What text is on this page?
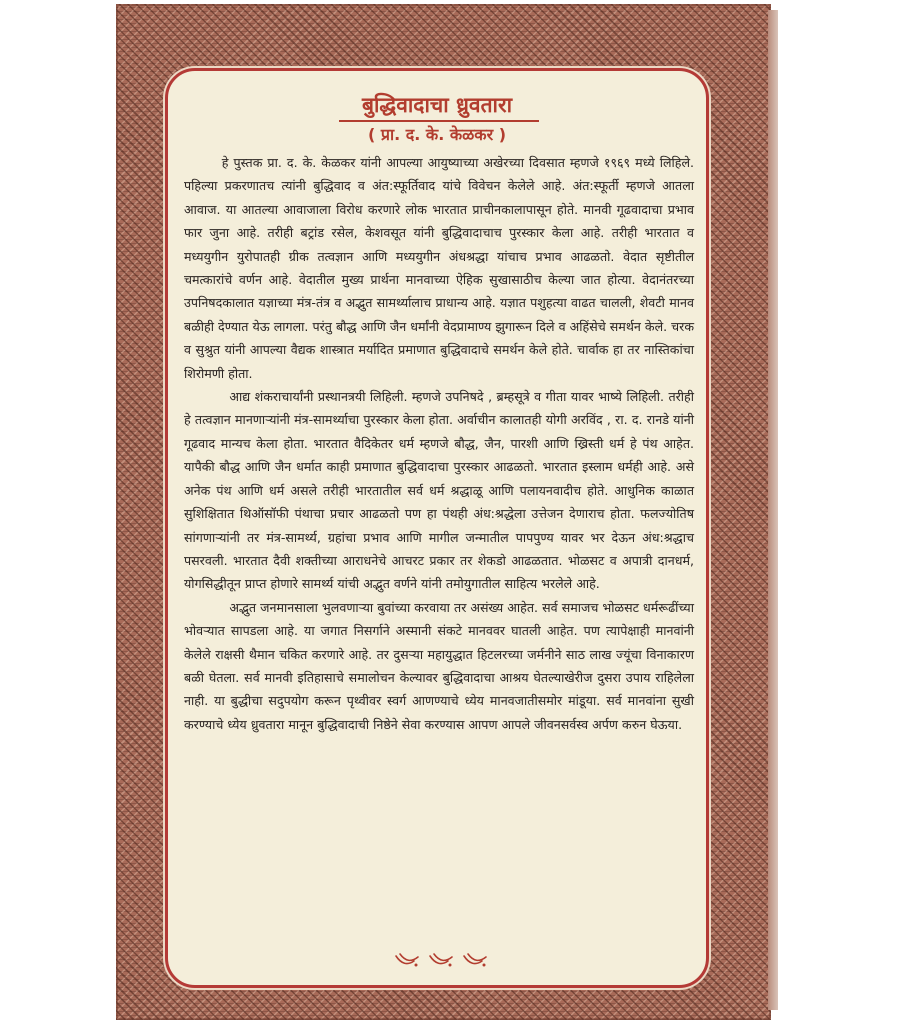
बुद्धिवादाचा ध्रुवतारा
( प्रा. द. के. केळकर )

हे पुस्तक प्रा. द. के. केळकर यांनी आपल्या आयुष्याच्या अखेरच्या दिवसात म्हणजे १९६९ मध्ये लिहिले. पहिल्या प्रकरणातच त्यांनी बुद्धिवाद व अंत:स्फूर्तिवाद यांचे विवेचन केलेले आहे. अंत:स्फूर्ती म्हणजे आतला आवाज. या आतल्या आवाजाला विरोध करणारे लोक भारतात प्राचीनकालापासून होते. मानवी गूढवादाचा प्रभाव फार जुना आहे. तरीही बट्रांड रसेल, केशवसूत यांनी बुद्धिवादाचाच पुरस्कार केला आहे. तरीही भारतात व मध्ययुगीन युरोपातही ग्रीक तत्वज्ञान आणि मध्ययुगीन अंधश्रद्धा यांचाच प्रभाव आढळतो. वेदात सृष्टीतील चमत्कारांचे वर्णन आहे. वेदातील मुख्य प्रार्थना मानवाच्या ऐहिक सुखासाठीच केल्या जात होत्या. वेदानंतरच्या उपनिषदकालात यज्ञाच्या मंत्र-तंत्र व अद्भुत सामर्थ्यालाच प्राधान्य आहे. यज्ञात पशुहत्या वाढत चालली, शेवटी मानव बळीही देण्यात येऊ लागला. परंतु बौद्ध आणि जैन धर्मांनी वेदप्रामाण्य झुगारून दिले व अहिंसेचे समर्थन केले. चरक व सुश्रुत यांनी आपल्या वैद्यक शास्त्रात मर्यादित प्रमाणात बुद्धिवादाचे समर्थन केले होते. चार्वाक हा तर नास्तिकांचा शिरोमणी होता.

आद्य शंकराचार्यांनी प्रस्थानत्रयी लिहिली. म्हणजे उपनिषदे , ब्रम्हसूत्रे व गीता यावर भाष्ये लिहिली. तरीही हे तत्वज्ञान मानणाऱ्यांनी मंत्र-सामर्थ्याचा पुरस्कार केला होता. अर्वाचीन कालातही योगी अरविंद , रा. द. रानडे यांनी गूढवाद मान्यच केला होता. भारतात वैदिकेतर धर्म म्हणजे बौद्ध, जैन, पारशी आणि ख्रिस्ती धर्म हे पंथ आहेत. यापैकी बौद्ध आणि जैन धर्मात काही प्रमाणात बुद्धिवादाचा पुरस्कार आढळतो. भारतात इस्लाम धर्मही आहे. असे अनेक पंथ आणि धर्म असले तरीही भारतातील सर्व धर्म श्रद्धाळू आणि पलायनवादीच होते. आधुनिक काळात सुशिक्षितात थिऑसॉफी पंथाचा प्रचार आढळतो पण हा पंथही अंध:श्रद्धेला उत्तेजन देणाराच होता. फलज्योतिष सांगणाऱ्यांनी तर मंत्र-सामर्थ्य, ग्रहांचा प्रभाव आणि मागील जन्मातील पापपुण्य यावर भर देऊन अंध:श्रद्धाच पसरवली. भारतात दैवी शक्तीच्या आराधनेचे आचरट प्रकार तर शेकडो आढळतात. भोळसट व अपात्री दानधर्म, योगसिद्धीतून प्राप्त होणारे सामर्थ्य यांची अद्भुत वर्णने यांनी तमोयुगातील साहित्य भरलेले आहे.

अद्भुत जनमानसाला भुलवणाऱ्या बुवांच्या करवाया तर असंख्य आहेत. सर्व समाजच भोळसट धर्मरूढींच्या भोवऱ्यात सापडला आहे. या जगात निसर्गाने अस्मानी संकटे मानववर घातली आहेत. पण त्यापेक्षाही मानवांनी केलेले राक्षसी थैमान चकित करणारे आहे. तर दुसऱ्या महायुद्धात हिटलरच्या जर्मनीने साठ लाख ज्यूंचा विनाकारण बळी घेतला. सर्व मानवी इतिहासाचे समालोचन केल्यावर बुद्धिवादाचा आश्रय घेतल्याखेरीज दुसरा उपाय राहिलेला नाही. या बुद्धीचा सदुपयोग करून पृथ्वीवर स्वर्ग आणण्याचे ध्येय मानवजातीसमोर मांडूया. सर्व मानवांना सुखी करण्याचे ध्येय ध्रुवतारा मानून बुद्धिवादाची निष्ठेने सेवा करण्यास आपण आपले जीवनसर्वस्व अर्पण करुन घेऊया.
